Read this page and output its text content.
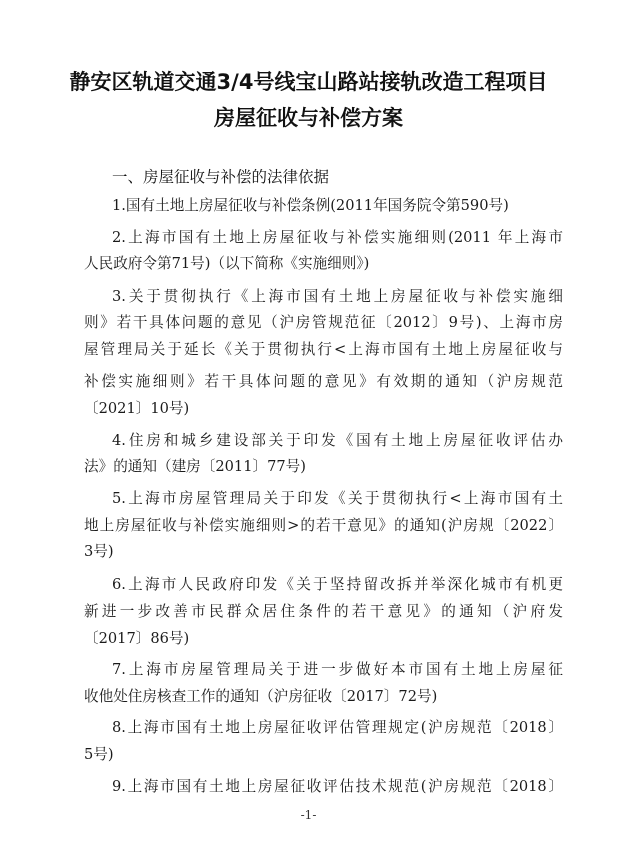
静安区轨道交通3/4号线宝山路站接轨改造工程项目
房屋征收与补偿方案
一、房屋征收与补偿的法律依据
1.国有土地上房屋征收与补偿条例(2011年国务院令第590号)
2.上海市国有土地上房屋征收与补偿实施细则(2011 年上海市
人民政府令第71号)（以下简称《实施细则》)
3.关于贯彻执行《上海市国有土地上房屋征收与补偿实施细
则》若干具体问题的意见（沪房管规范征〔2012〕9号)、上海市房
屋管理局关于延长《关于贯彻执行<上海市国有土地上房屋征收与
补偿实施细则》若干具体问题的意见》有效期的通知（沪房规范
〔2021〕10号)
4.住房和城乡建设部关于印发《国有土地上房屋征收评估办
法》的通知（建房〔2011〕77号)
5.上海市房屋管理局关于印发《关于贯彻执行<上海市国有土
地上房屋征收与补偿实施细则>的若干意见》的通知(沪房规〔2022〕
3号)
6.上海市人民政府印发《关于坚持留改拆并举深化城市有机更
新进一步改善市民群众居住条件的若干意见》的通知（沪府发
〔2017〕86号)
7.上海市房屋管理局关于进一步做好本市国有土地上房屋征
收他处住房核查工作的通知（沪房征收〔2017〕72号)
8.上海市国有土地上房屋征收评估管理规定(沪房规范〔2018〕
5号)
9.上海市国有土地上房屋征收评估技术规范(沪房规范〔2018〕
-1-
